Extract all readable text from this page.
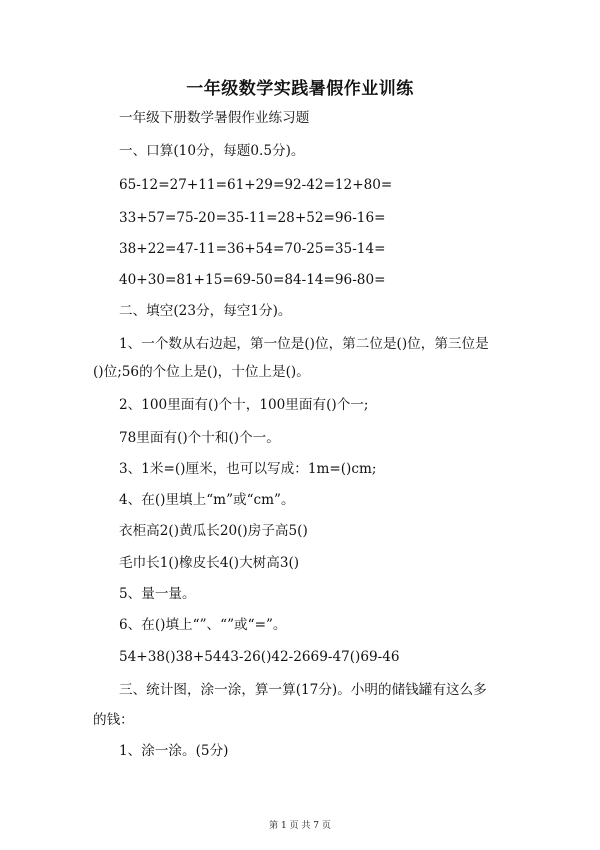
一年级数学实践暑假作业训练
一年级下册数学暑假作业练习题
一、口算(10分，每题0.5分)。
65-12=27+11=61+29=92-42=12+80=
33+57=75-20=35-11=28+52=96-16=
38+22=47-11=36+54=70-25=35-14=
40+30=81+15=69-50=84-14=96-80=
二、填空(23分，每空1分)。
1、一个数从右边起，第一位是()位，第二位是()位，第三位是
()位;56的个位上是()，十位上是()。
2、100里面有()个十，100里面有()个一;
78里面有()个十和()个一。
3、1米=()厘米，也可以写成：1m=()cm;
4、在()里填上“m”或“cm”。
衣柜高2()黄瓜长20()房子高5()
毛巾长1()橡皮长4()大树高3()
5、量一量。
6、在()填上“”、“”或“=”。
54+38()38+5443-26()42-2669-47()69-46
三、统计图，涂一涂，算一算(17分)。小明的储钱罐有这么多
的钱：
1、涂一涂。(5分)
第 1 页 共 7 页
